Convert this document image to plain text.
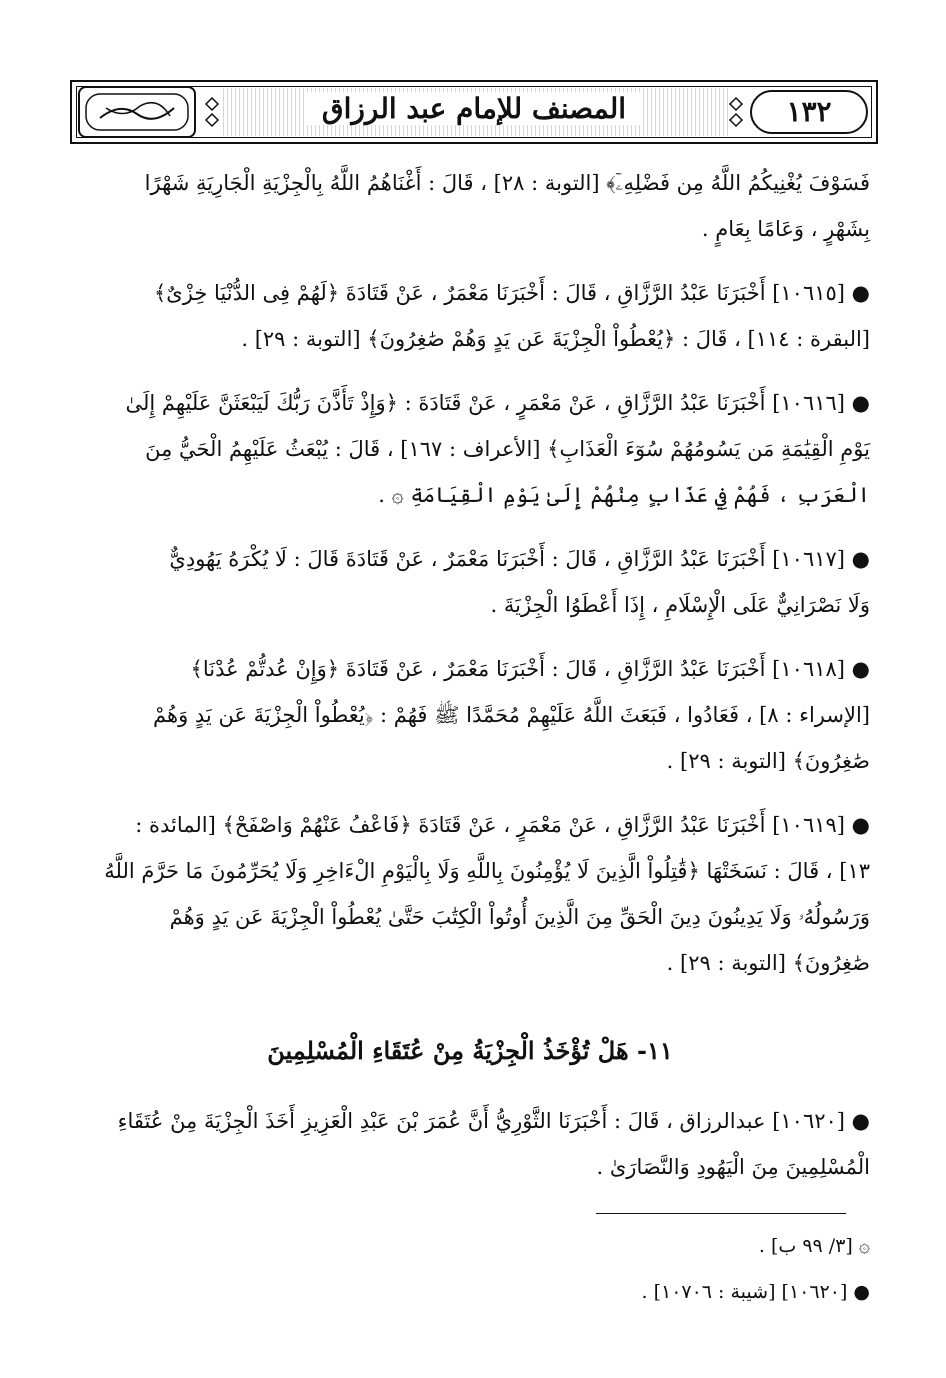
المصنف للإمام عبد الرزاق	١٣٢
فَسَوْفَ يُغْنِيكُمُ اللَّهُ مِن فَضْلِهِۦٓ﴾ [التوبة : ٢٨] ، قَالَ : أَغْنَاهُمُ اللَّهُ بِالْجِزْيَةِ الْجَارِيَةِ شَهْرًا
بِشَهْرٍ ، وَعَامًا بِعَامٍ .
● [١٠٦١٥] أَخْبَرَنَا عَبْدُ الرَّزَّاقِ ، قَالَ : أَخْبَرَنَا مَعْمَرٌ ، عَنْ قَتَادَةَ ﴿لَهُمْ فِى الدُّنْيَا خِزْىٌ﴾
[البقرة : ١١٤] ، قَالَ : ﴿يُعْطُواْ الْجِزْيَةَ عَن يَدٍ وَهُمْ صَٰغِرُونَ﴾ [التوبة : ٢٩] .
● [١٠٦١٦] أَخْبَرَنَا عَبْدُ الرَّزَّاقِ ، عَنْ مَعْمَرٍ ، عَنْ قَتَادَةَ : ﴿وَإِذْ تَأَذَّنَ رَبُّكَ لَيَبْعَثَنَّ عَلَيْهِمْ إِلَىٰ
يَوْمِ الْقِيَٰمَةِ مَن يَسُومُهُمْ سُوٓءَ الْعَذَابِ﴾ [الأعراف : ١٦٧] ، قَالَ : يُبْعَثُ عَلَيْهِمُ الْحَيُّ مِنَ
الْعَرَبِ ، فَهُمْ فِي عَذَابٍ مِنْهُمْ إِلَىٰ يَوْمِ الْقِيَامَةِ ۞ .
● [١٠٦١٧] أَخْبَرَنَا عَبْدُ الرَّزَّاقِ ، قَالَ : أَخْبَرَنَا مَعْمَرٌ ، عَنْ قَتَادَةَ قَالَ : لَا يُكْرَهُ يَهُودِيٌّ
وَلَا نَصْرَانِيٌّ عَلَى الْإِسْلَامِ ، إِذَا أَعْطَوُا الْجِزْيَةَ .
● [١٠٦١٨] أَخْبَرَنَا عَبْدُ الرَّزَّاقِ ، قَالَ : أَخْبَرَنَا مَعْمَرٌ ، عَنْ قَتَادَةَ ﴿وَإِنْ عُدتُّمْ عُدْنَا﴾
[الإسراء : ٨] ، فَعَادُوا ، فَبَعَثَ اللَّهُ عَلَيْهِمْ مُحَمَّدًا ﷺ فَهُمْ : ﴿يُعْطُواْ الْجِزْيَةَ عَن يَدٍ وَهُمْ
صَٰغِرُونَ﴾ [التوبة : ٢٩] .
● [١٠٦١٩] أَخْبَرَنَا عَبْدُ الرَّزَّاقِ ، عَنْ مَعْمَرٍ ، عَنْ قَتَادَةَ ﴿فَاعْفُ عَنْهُمْ وَاصْفَحْ﴾ [المائدة :
١٣] ، قَالَ : نَسَخَتْهَا ﴿قَٰتِلُواْ الَّذِينَ لَا يُؤْمِنُونَ بِاللَّهِ وَلَا بِالْيَوْمِ الْءَاخِرِ وَلَا يُحَرِّمُونَ مَا حَرَّمَ اللَّهُ
وَرَسُولُهُۥ وَلَا يَدِينُونَ دِينَ الْحَقِّ مِنَ الَّذِينَ أُوتُواْ الْكِتَٰبَ حَتَّىٰ يُعْطُواْ الْجِزْيَةَ عَن يَدٍ وَهُمْ
صَٰغِرُونَ﴾ [التوبة : ٢٩] .
١١- هَلْ تُؤْخَذُ الْجِزْيَةُ مِنْ عُتَقَاءِ الْمُسْلِمِينَ
● [١٠٦٢٠] عبدالرزاق ، قَالَ : أَخْبَرَنَا الثَّوْرِيُّ أَنَّ عُمَرَ بْنَ عَبْدِ الْعَزِيزِ أَخَذَ الْجِزْيَةَ مِنْ عُتَقَاءِ
الْمُسْلِمِينَ مِنَ الْيَهُودِ وَالنَّصَارَىٰ .
۞ [٣/ ٩٩ ب] .
● [١٠٦٢٠] [شيبة : ١٠٧٠٦] .
